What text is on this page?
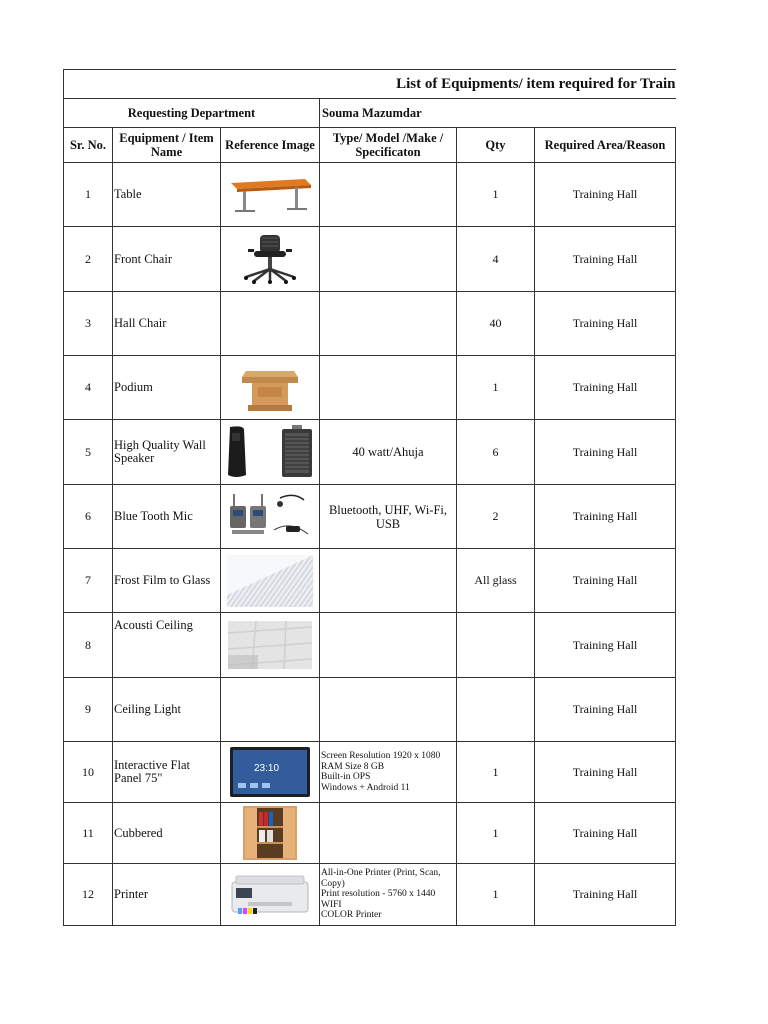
List of Equipments/ item required for Train					
Requesting Department			Souma Mazumdar		
Sr. No.	Equipment / Item Name	Reference Image	Type/ Model /Make / Specificaton	Qty	Required Area/Reason
1	Table			1	Training Hall
2	Front Chair			4	Training Hall
3	Hall Chair			40	Training Hall
4	Podium			1	Training Hall
5	High Quality Wall Speaker		40 watt/Ahuja	6	Training Hall
6	Blue Tooth Mic		Bluetooth, UHF, Wi-Fi, USB	2	Training Hall
7	Frost Film to Glass			All glass	Training Hall
8	Acousti Ceiling				Training Hall
9	Ceiling Light				Training Hall
10	Interactive Flat Panel 75"	23:10	Screen Resolution 1920 x 1080
RAM Size 8 GB
Built-in OPS
Windows + Android 11	1	Training Hall
11	Cubbered			1	Training Hall
12	Printer		All-in-One Printer (Print, Scan, Copy)
Print resolution - 5760 x 1440
WIFI
COLOR Printer	1	Training Hall
